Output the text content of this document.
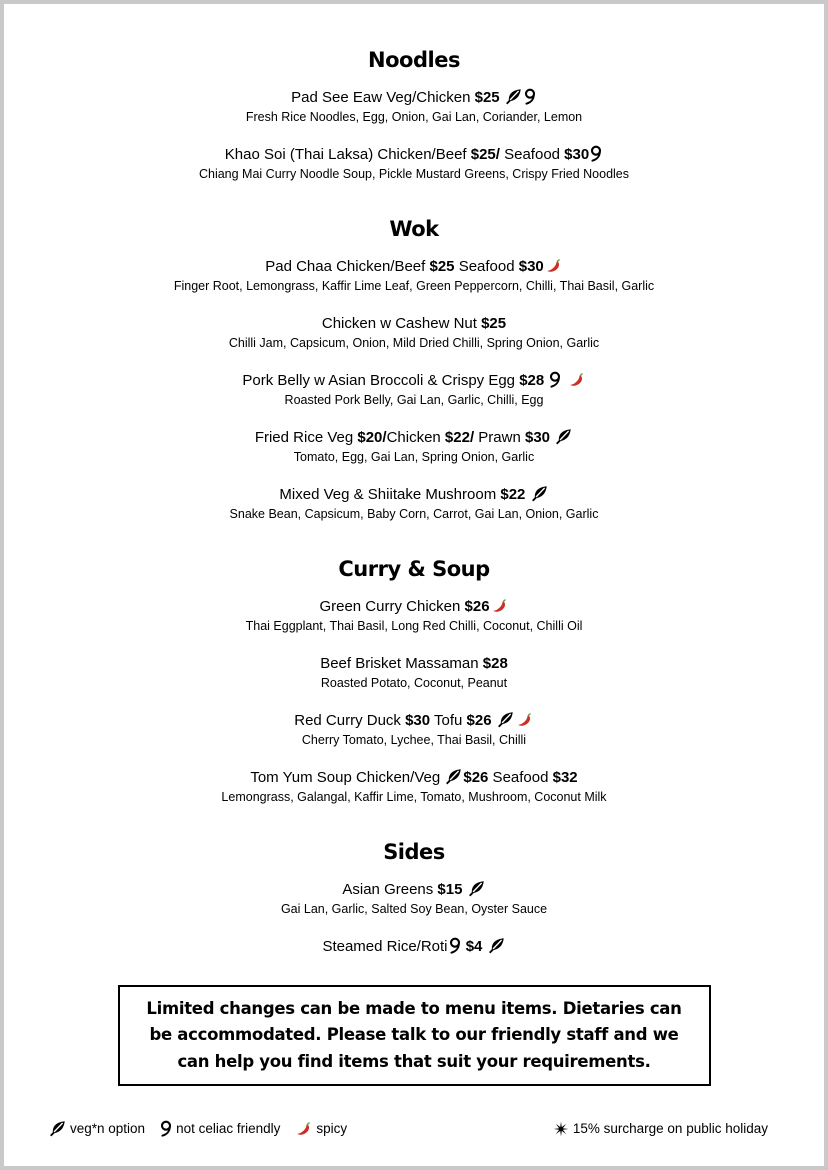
Noodles
Pad See Eaw Veg/Chicken $25
Fresh Rice Noodles, Egg, Onion, Gai Lan, Coriander, Lemon
Khao Soi (Thai Laksa) Chicken/Beef $25/ Seafood $30
Chiang Mai Curry Noodle Soup, Pickle Mustard Greens, Crispy Fried Noodles
Wok
Pad Chaa Chicken/Beef $25 Seafood $30
Finger Root, Lemongrass, Kaffir Lime Leaf, Green Peppercorn, Chilli, Thai Basil, Garlic
Chicken w Cashew Nut $25
Chilli Jam, Capsicum, Onion, Mild Dried Chilli, Spring Onion, Garlic
Pork Belly w Asian Broccoli & Crispy Egg $28
Roasted Pork Belly, Gai Lan, Garlic, Chilli, Egg
Fried Rice Veg $20/Chicken $22/ Prawn $30
Tomato, Egg, Gai Lan, Spring Onion, Garlic
Mixed Veg & Shiitake Mushroom $22
Snake Bean, Capsicum, Baby Corn, Carrot, Gai Lan, Onion, Garlic
Curry & Soup
Green Curry Chicken $26
Thai Eggplant, Thai Basil, Long Red Chilli, Coconut, Chilli Oil
Beef Brisket Massaman $28
Roasted Potato, Coconut, Peanut
Red Curry Duck $30 Tofu $26
Cherry Tomato, Lychee, Thai Basil, Chilli
Tom Yum Soup Chicken/Veg $26 Seafood $32
Lemongrass, Galangal, Kaffir Lime, Tomato, Mushroom, Coconut Milk
Sides
Asian Greens $15
Gai Lan, Garlic, Salted Soy Bean, Oyster Sauce
Steamed Rice/Roti $4
Limited changes can be made to menu items. Dietaries can be accommodated. Please talk to our friendly staff and we can help you find items that suit your requirements.
veg*n option not celiac friendly	spicy	15% surcharge on public holiday
